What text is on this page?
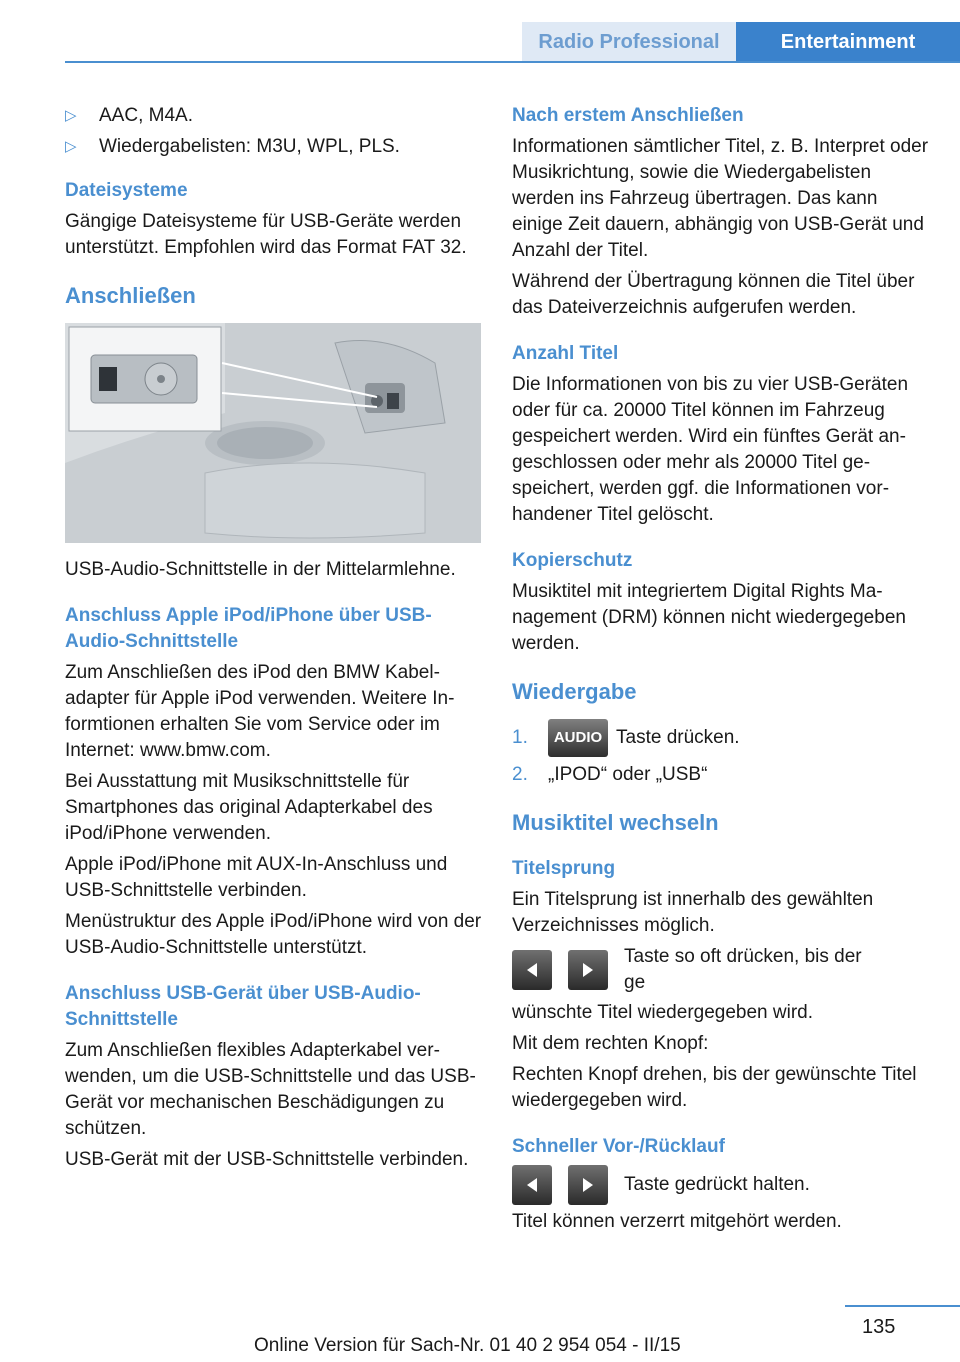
Radio Professional	Entertainment
▷	AAC, M4A.
▷	Wiedergabelisten: M3U, WPL, PLS.

Dateisysteme

Gängige Dateisysteme für USB-Geräte werden unterstützt. Empfohlen wird das Format FAT 32.

Anschließen

USB-Audio-Schnittstelle in der Mittelarmlehne.

Anschluss Apple iPod/iPhone über USB-Audio-Schnittstelle

Zum Anschließen des iPod den BMW Kabeladapter für Apple iPod verwenden. Weitere Informtionen erhalten Sie vom Service oder im Internet: www.bmw.com.

Bei Ausstattung mit Musikschnittstelle für Smartphones das original Adapterkabel des iPod/iPhone verwenden.

Apple iPod/iPhone mit AUX-In-Anschluss und USB-Schnittstelle verbinden.

Menüstruktur des Apple iPod/iPhone wird von der USB-Audio-Schnittstelle unterstützt.

Anschluss USB-Gerät über USB-Audio-Schnittstelle

Zum Anschließen flexibles Adapterkabel verwenden, um die USB-Schnittstelle und das USB-Gerät vor mechanischen Beschädigungen zu schützen.

USB-Gerät mit der USB-Schnittstelle verbinden.

Nach erstem Anschließen

Informationen sämtlicher Titel, z. B. Interpret oder Musikrichtung, sowie die Wiedergabelisten werden ins Fahrzeug übertragen. Das kann einige Zeit dauern, abhängig von USB-Gerät und Anzahl der Titel.

Während der Übertragung können die Titel über das Dateiverzeichnis aufgerufen werden.

Anzahl Titel

Die Informationen von bis zu vier USB-Geräten oder für ca. 20000 Titel können im Fahrzeug gespeichert werden. Wird ein fünftes Gerät angeschlossen oder mehr als 20000 Titel gespeichert, werden ggf. die Informationen vorhandener Titel gelöscht.

Kopierschutz

Musiktitel mit integriertem Digital Rights Management (DRM) können nicht wiedergegeben werden.

Wiedergabe

1.	AUDIO Taste drücken.
2.	„IPOD“ oder „USB“

Musiktitel wechseln

Titelsprung

Ein Titelsprung ist innerhalb des gewählten Verzeichnisses möglich.

Taste so oft drücken, bis der ge

wünschte Titel wiedergegeben wird.

Mit dem rechten Knopf:

Rechten Knopf drehen, bis der gewünschte Titel wiedergegeben wird.

Schneller Vor-/Rücklauf

Taste gedrückt halten.

Titel können verzerrt mitgehört werden.

135
Online Version für Sach-Nr. 01 40 2 954 054 - II/15
